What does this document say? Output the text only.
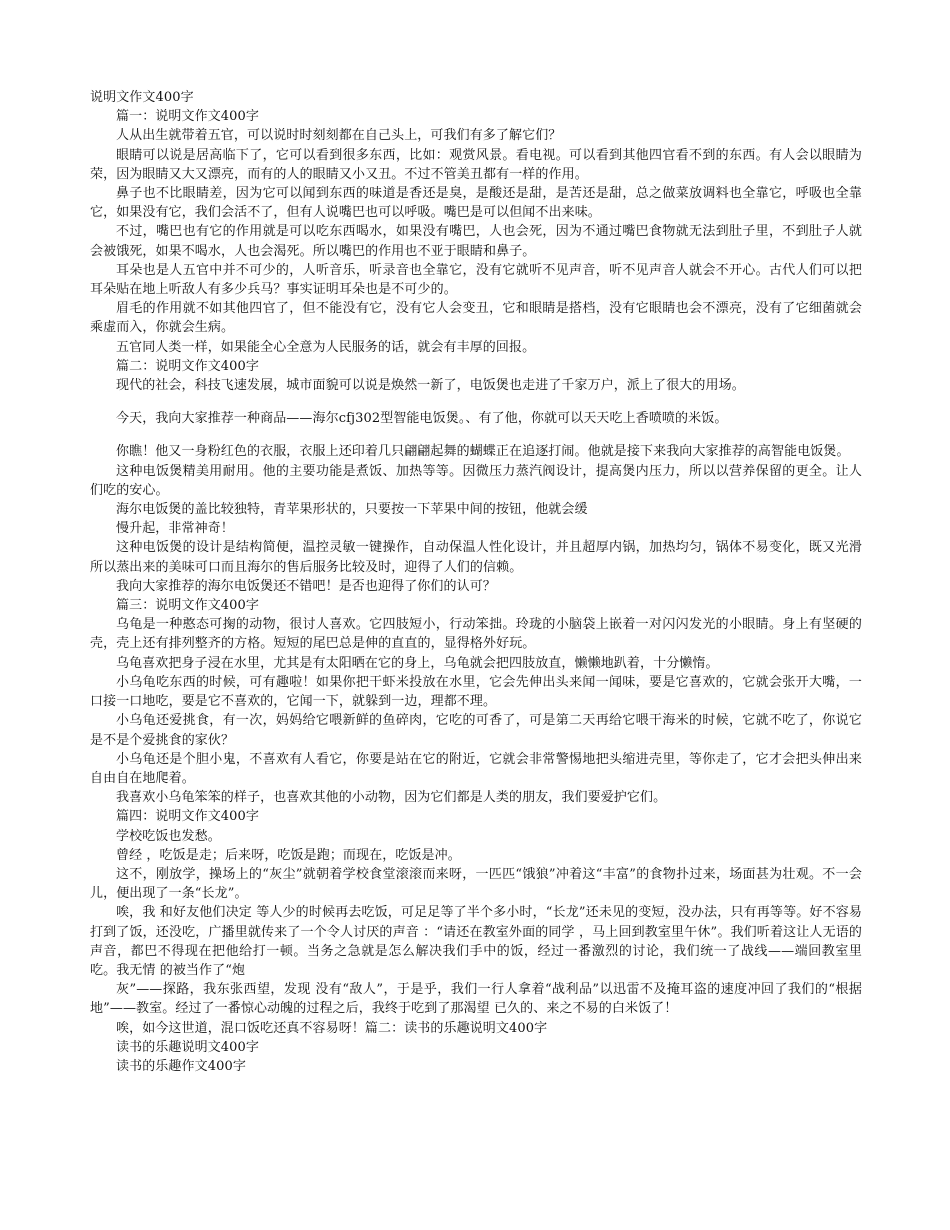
说明文作文400字

篇一：说明文作文400字

人从出生就带着五官，可以说时时刻刻都在自己头上，可我们有多了解它们？

眼睛可以说是居高临下了，它可以看到很多东西，比如：观赏风景。看电视。可以看到其他四官看不到的东西。有人会以眼睛为荣，因为眼睛又大又漂亮，而有的人的眼睛又小又丑。不过不管美丑都有一样的作用。

鼻子也不比眼睛差，因为它可以闻到东西的味道是香还是臭，是酸还是甜，是苦还是甜，总之做菜放调料也全靠它，呼吸也全靠它，如果没有它，我们会活不了，但有人说嘴巴也可以呼吸。嘴巴是可以但闻不出来味。

不过，嘴巴也有它的作用就是可以吃东西喝水，如果没有嘴巴，人也会死，因为不通过嘴巴食物就无法到肚子里，不到肚子人就会被饿死，如果不喝水，人也会渴死。所以嘴巴的作用也不亚于眼睛和鼻子。

耳朵也是人五官中并不可少的，人听音乐，听录音也全靠它，没有它就听不见声音，听不见声音人就会不开心。古代人们可以把耳朵贴在地上听敌人有多少兵马？事实证明耳朵也是不可少的。

眉毛的作用就不如其他四官了，但不能没有它，没有它人会变丑，它和眼睛是搭档，没有它眼睛也会不漂亮，没有了它细菌就会乘虚而入，你就会生病。

五官同人类一样，如果能全心全意为人民服务的话，就会有丰厚的回报。

篇二：说明文作文400字

现代的社会，科技飞速发展，城市面貌可以说是焕然一新了，电饭煲也走进了千家万户，派上了很大的用场。

今天，我向大家推荐一种商品——海尔cfj302型智能电饭煲。、有了他，你就可以天天吃上香喷喷的米饭。

你瞧！他又一身粉红色的衣服，衣服上还印着几只翩翩起舞的蝴蝶正在追逐打闹。他就是接下来我向大家推荐的高智能电饭煲。

这种电饭煲精美用耐用。他的主要功能是煮饭、加热等等。因微压力蒸汽阀设计，提高煲内压力，所以以营养保留的更全。让人们吃的安心。

海尔电饭煲的盖比较独特，青苹果形状的，只要按一下苹果中间的按钮，他就会缓

慢升起，非常神奇！

这种电饭煲的设计是结构简便，温控灵敏一键操作，自动保温人性化设计，并且超厚内锅，加热均匀，锅体不易变化，既又光滑所以蒸出来的美味可口而且海尔的售后服务比较及时，迎得了人们的信赖。

我向大家推荐的海尔电饭煲还不错吧！是否也迎得了你们的认可？

篇三：说明文作文400字

乌龟是一种憨态可掬的动物，很讨人喜欢。它四肢短小，行动笨拙。玲珑的小脑袋上嵌着一对闪闪发光的小眼睛。身上有坚硬的壳，壳上还有排列整齐的方格。短短的尾巴总是伸的直直的，显得格外好玩。

乌龟喜欢把身子浸在水里，尤其是有太阳晒在它的身上，乌龟就会把四肢放直，懒懒地趴着，十分懒惰。

小乌龟吃东西的时候，可有趣啦！如果你把干虾米投放在水里，它会先伸出头来闻一闻味，要是它喜欢的，它就会张开大嘴，一口接一口地吃，要是它不喜欢的，它闻一下，就躲到一边，理都不理。

小乌龟还爱挑食，有一次，妈妈给它喂新鲜的鱼碎肉，它吃的可香了，可是第二天再给它喂干海米的时候，它就不吃了，你说它是不是个爱挑食的家伙？

小乌龟还是个胆小鬼，不喜欢有人看它，你要是站在它的附近，它就会非常警惕地把头缩进壳里，等你走了，它才会把头伸出来自由自在地爬着。

我喜欢小乌龟笨笨的样子，也喜欢其他的小动物，因为它们都是人类的朋友，我们要爱护它们。

篇四：说明文作文400字

学校吃饭也发愁。

曾经 ，吃饭是走；后来呀，吃饭是跑；而现在，吃饭是冲。

这不，刚放学，操场上的“灰尘”就朝着学校食堂滚滚而来呀，一匹匹“饿狼”冲着这“丰富”的食物扑过来，场面甚为壮观。不一会儿，便出现了一条“长龙”。

唉，我 和好友他们决定 等人少的时候再去吃饭，可足足等了半个多小时，“长龙”还未见的变短，没办法，只有再等等。好不容易打到了饭，还没吃，广播里就传来了一个令人讨厌的声音 ：“请还在教室外面的同学 ，马上回到教室里午休”。我们听着这让人无语的声音，都巴不得现在把他给打一顿。当务之急就是怎么解决我们手中的饭，经过一番激烈的讨论，我们统一了战线——端回教室里吃。我无情 的被当作了“炮

灰”——探路，我东张西望，发现 没有“敌人”，于是乎，我们一行人拿着“战利品”以迅雷不及掩耳盗的速度冲回了我们的“根据地”——教室。经过了一番惊心动魄的过程之后，我终于吃到了那渴望 已久的、来之不易的白米饭了！

唉，如今这世道，混口饭吃还真不容易呀！篇二：读书的乐趣说明文400字

读书的乐趣说明文400字

读书的乐趣作文400字
